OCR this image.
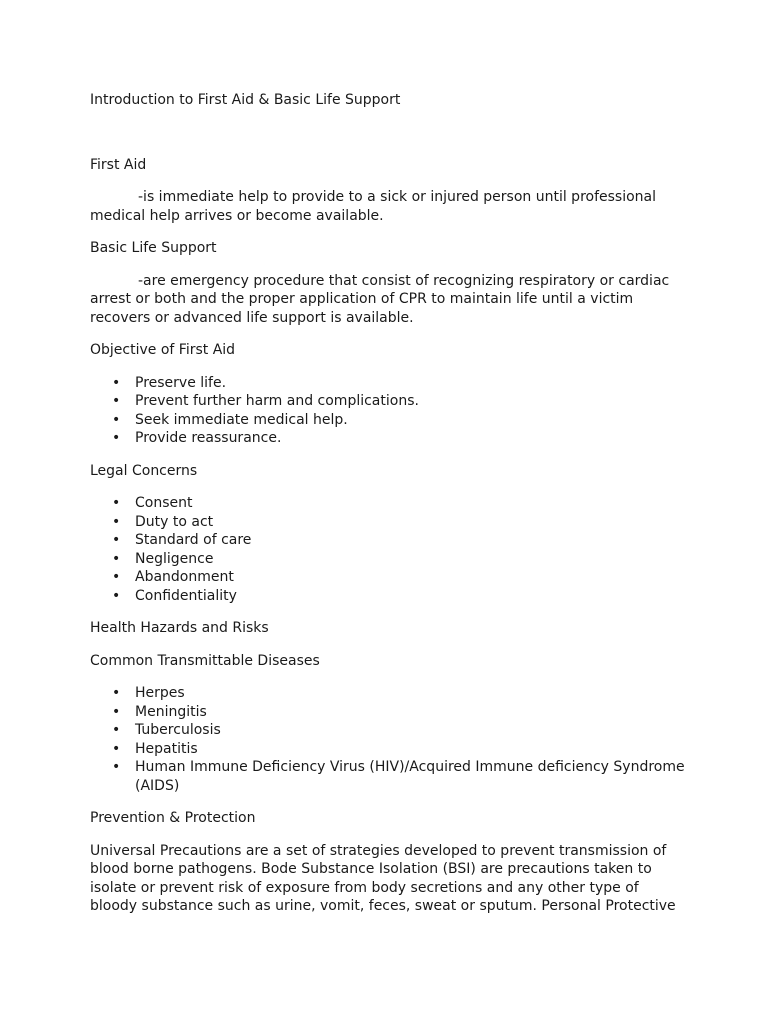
Introduction to First Aid & Basic Life Support
First Aid
-is immediate help to provide to a sick or injured person until professional medical help arrives or become available.
Basic Life Support
-are emergency procedure that consist of recognizing respiratory or cardiac arrest or both and the proper application of CPR to maintain life until a victim recovers or advanced life support is available.
Objective of First Aid
• Preserve life.
• Prevent further harm and complications.
• Seek immediate medical help.
• Provide reassurance.
Legal Concerns
• Consent
• Duty to act
• Standard of care
• Negligence
• Abandonment
• Confidentiality
Health Hazards and Risks
Common Transmittable Diseases
• Herpes
• Meningitis
• Tuberculosis
• Hepatitis
• Human Immune Deficiency Virus (HIV)/Acquired Immune deficiency Syndrome (AIDS)
Prevention & Protection
Universal Precautions are a set of strategies developed to prevent transmission of blood borne pathogens. Bode Substance Isolation (BSI) are precautions taken to isolate or prevent risk of exposure from body secretions and any other type of bloody substance such as urine, vomit, feces, sweat or sputum. Personal Protective
